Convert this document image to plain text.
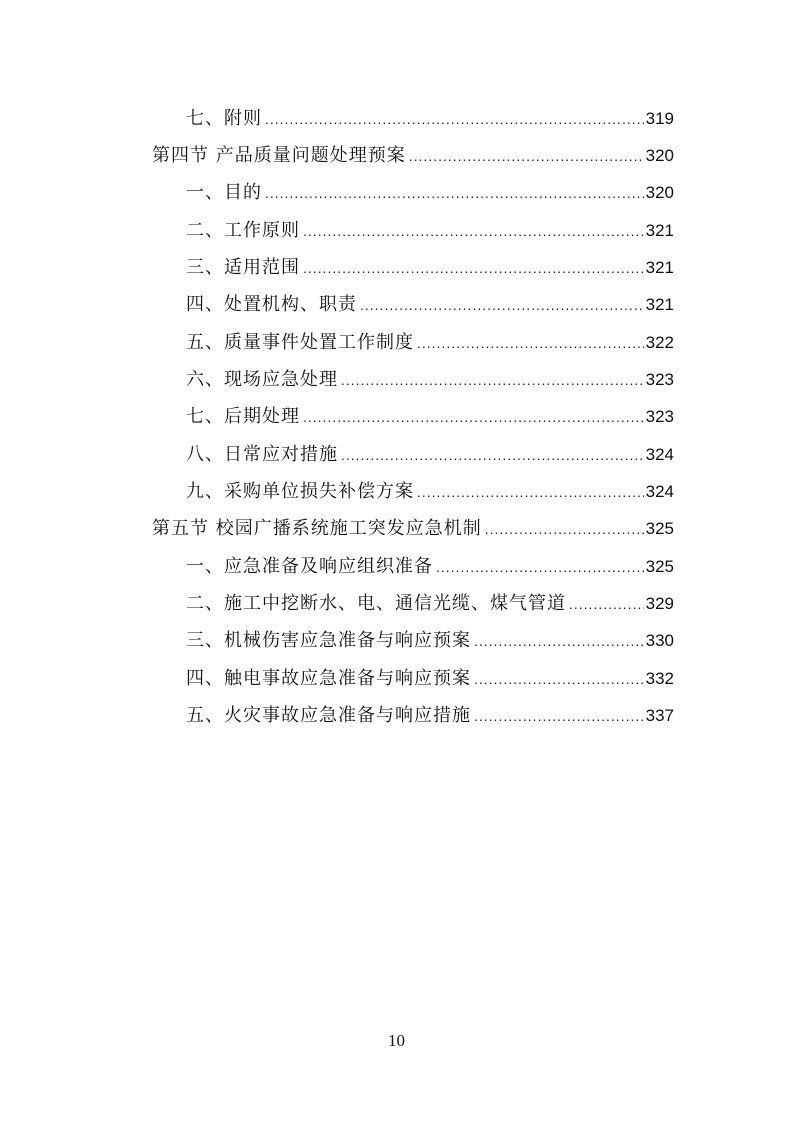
七、附则 .....	319
第四节 产品质量问题处理预案 .....	320
一、目的 .....	320
二、工作原则 .....	321
三、适用范围 .....	321
四、处置机构、职责 .....	321
五、质量事件处置工作制度 .....	322
六、现场应急处理 .....	323
七、后期处理 .....	323
八、日常应对措施 .....	324
九、采购单位损失补偿方案 .....	324
第五节 校园广播系统施工突发应急机制 .....	325
一、应急准备及响应组织准备 .....	325
二、施工中挖断水、电、通信光缆、煤气管道 .....	329
三、机械伤害应急准备与响应预案 .....	330
四、触电事故应急准备与响应预案 .....	332
五、火灾事故应急准备与响应措施 .....	337
10
